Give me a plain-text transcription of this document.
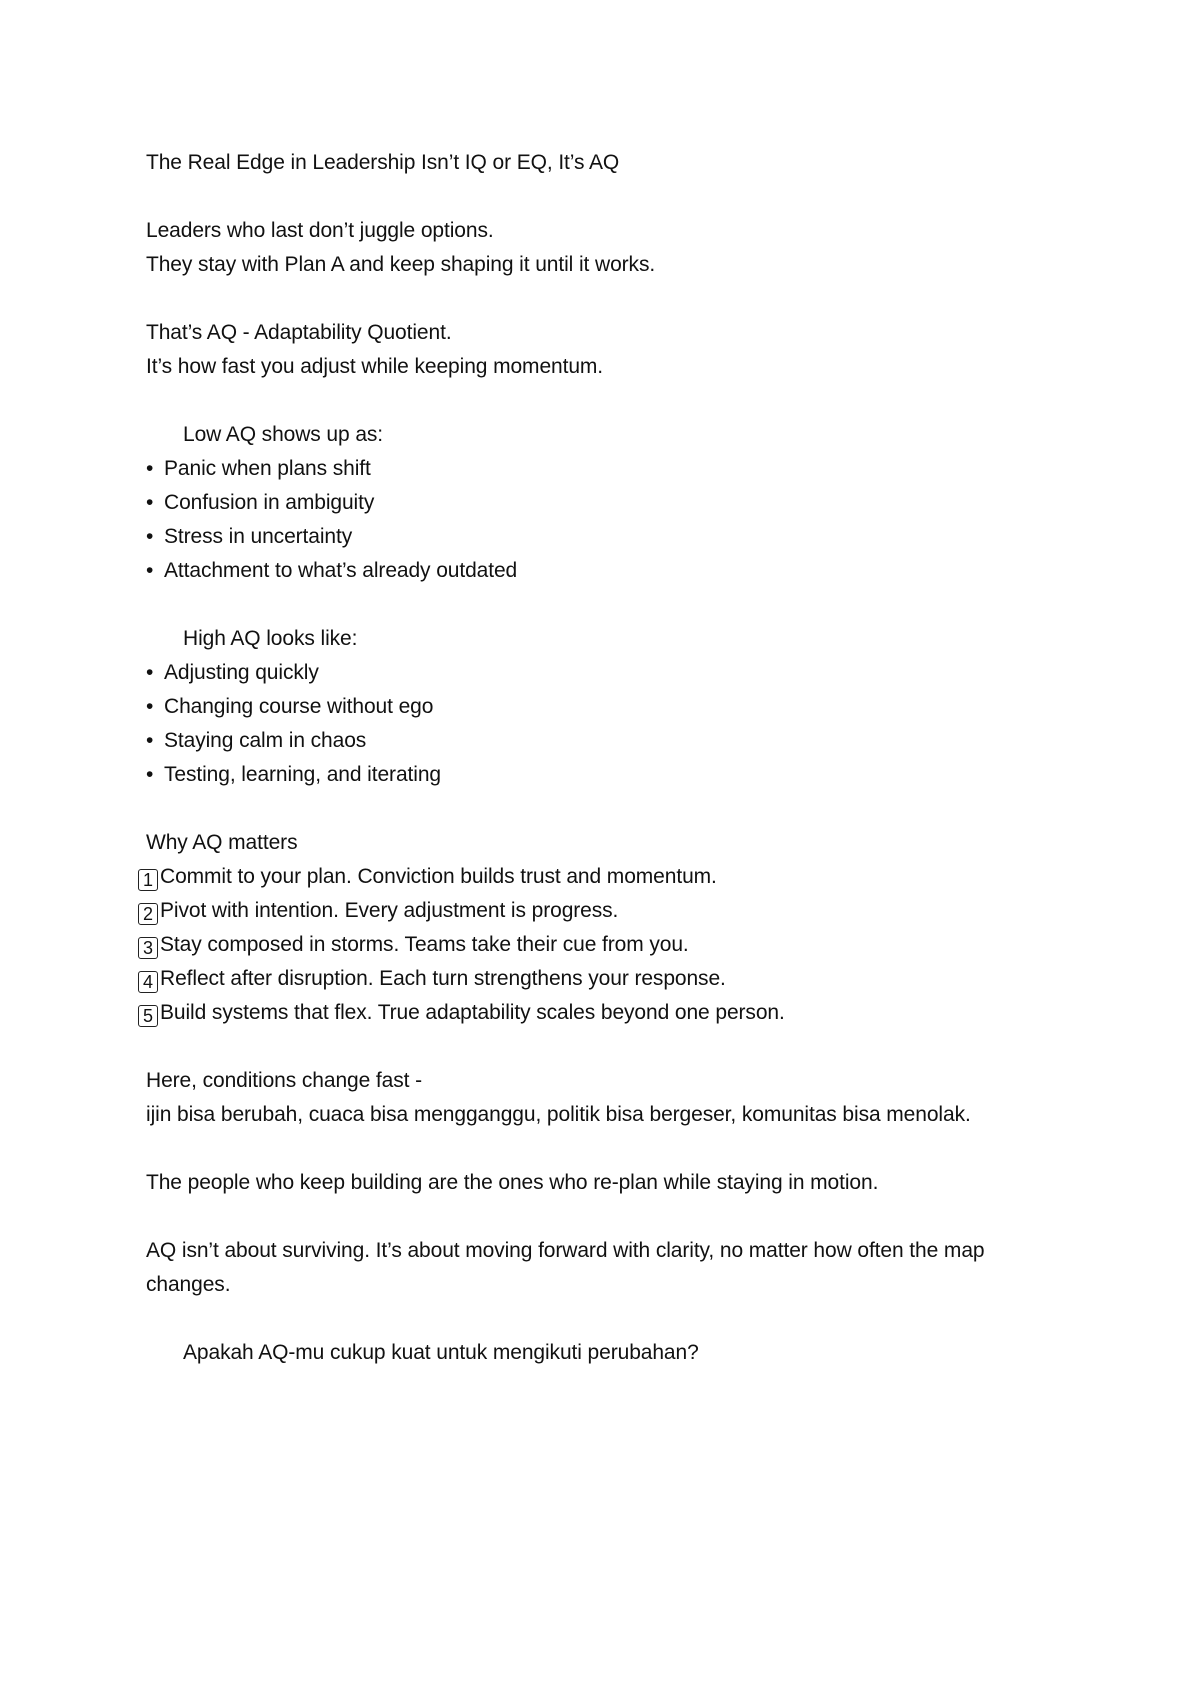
The Real Edge in Leadership Isn’t IQ or EQ, It’s AQ
Leaders who last don’t juggle options.
They stay with Plan A and keep shaping it until it works.
That’s AQ - Adaptability Quotient.
It’s how fast you adjust while keeping momentum.
Low AQ shows up as:
• Panic when plans shift
• Confusion in ambiguity
• Stress in uncertainty
• Attachment to what’s already outdated
High AQ looks like:
• Adjusting quickly
• Changing course without ego
• Staying calm in chaos
• Testing, learning, and iterating
Why AQ matters
1 Commit to your plan. Conviction builds trust and momentum.
2 Pivot with intention. Every adjustment is progress.
3 Stay composed in storms. Teams take their cue from you.
4 Reflect after disruption. Each turn strengthens your response.
5 Build systems that flex. True adaptability scales beyond one person.
Here, conditions change fast -
ijin bisa berubah, cuaca bisa mengganggu, politik bisa bergeser, komunitas bisa menolak.
The people who keep building are the ones who re-plan while staying in motion.
AQ isn’t about surviving. It’s about moving forward with clarity, no matter how often the map changes.
Apakah AQ-mu cukup kuat untuk mengikuti perubahan?
